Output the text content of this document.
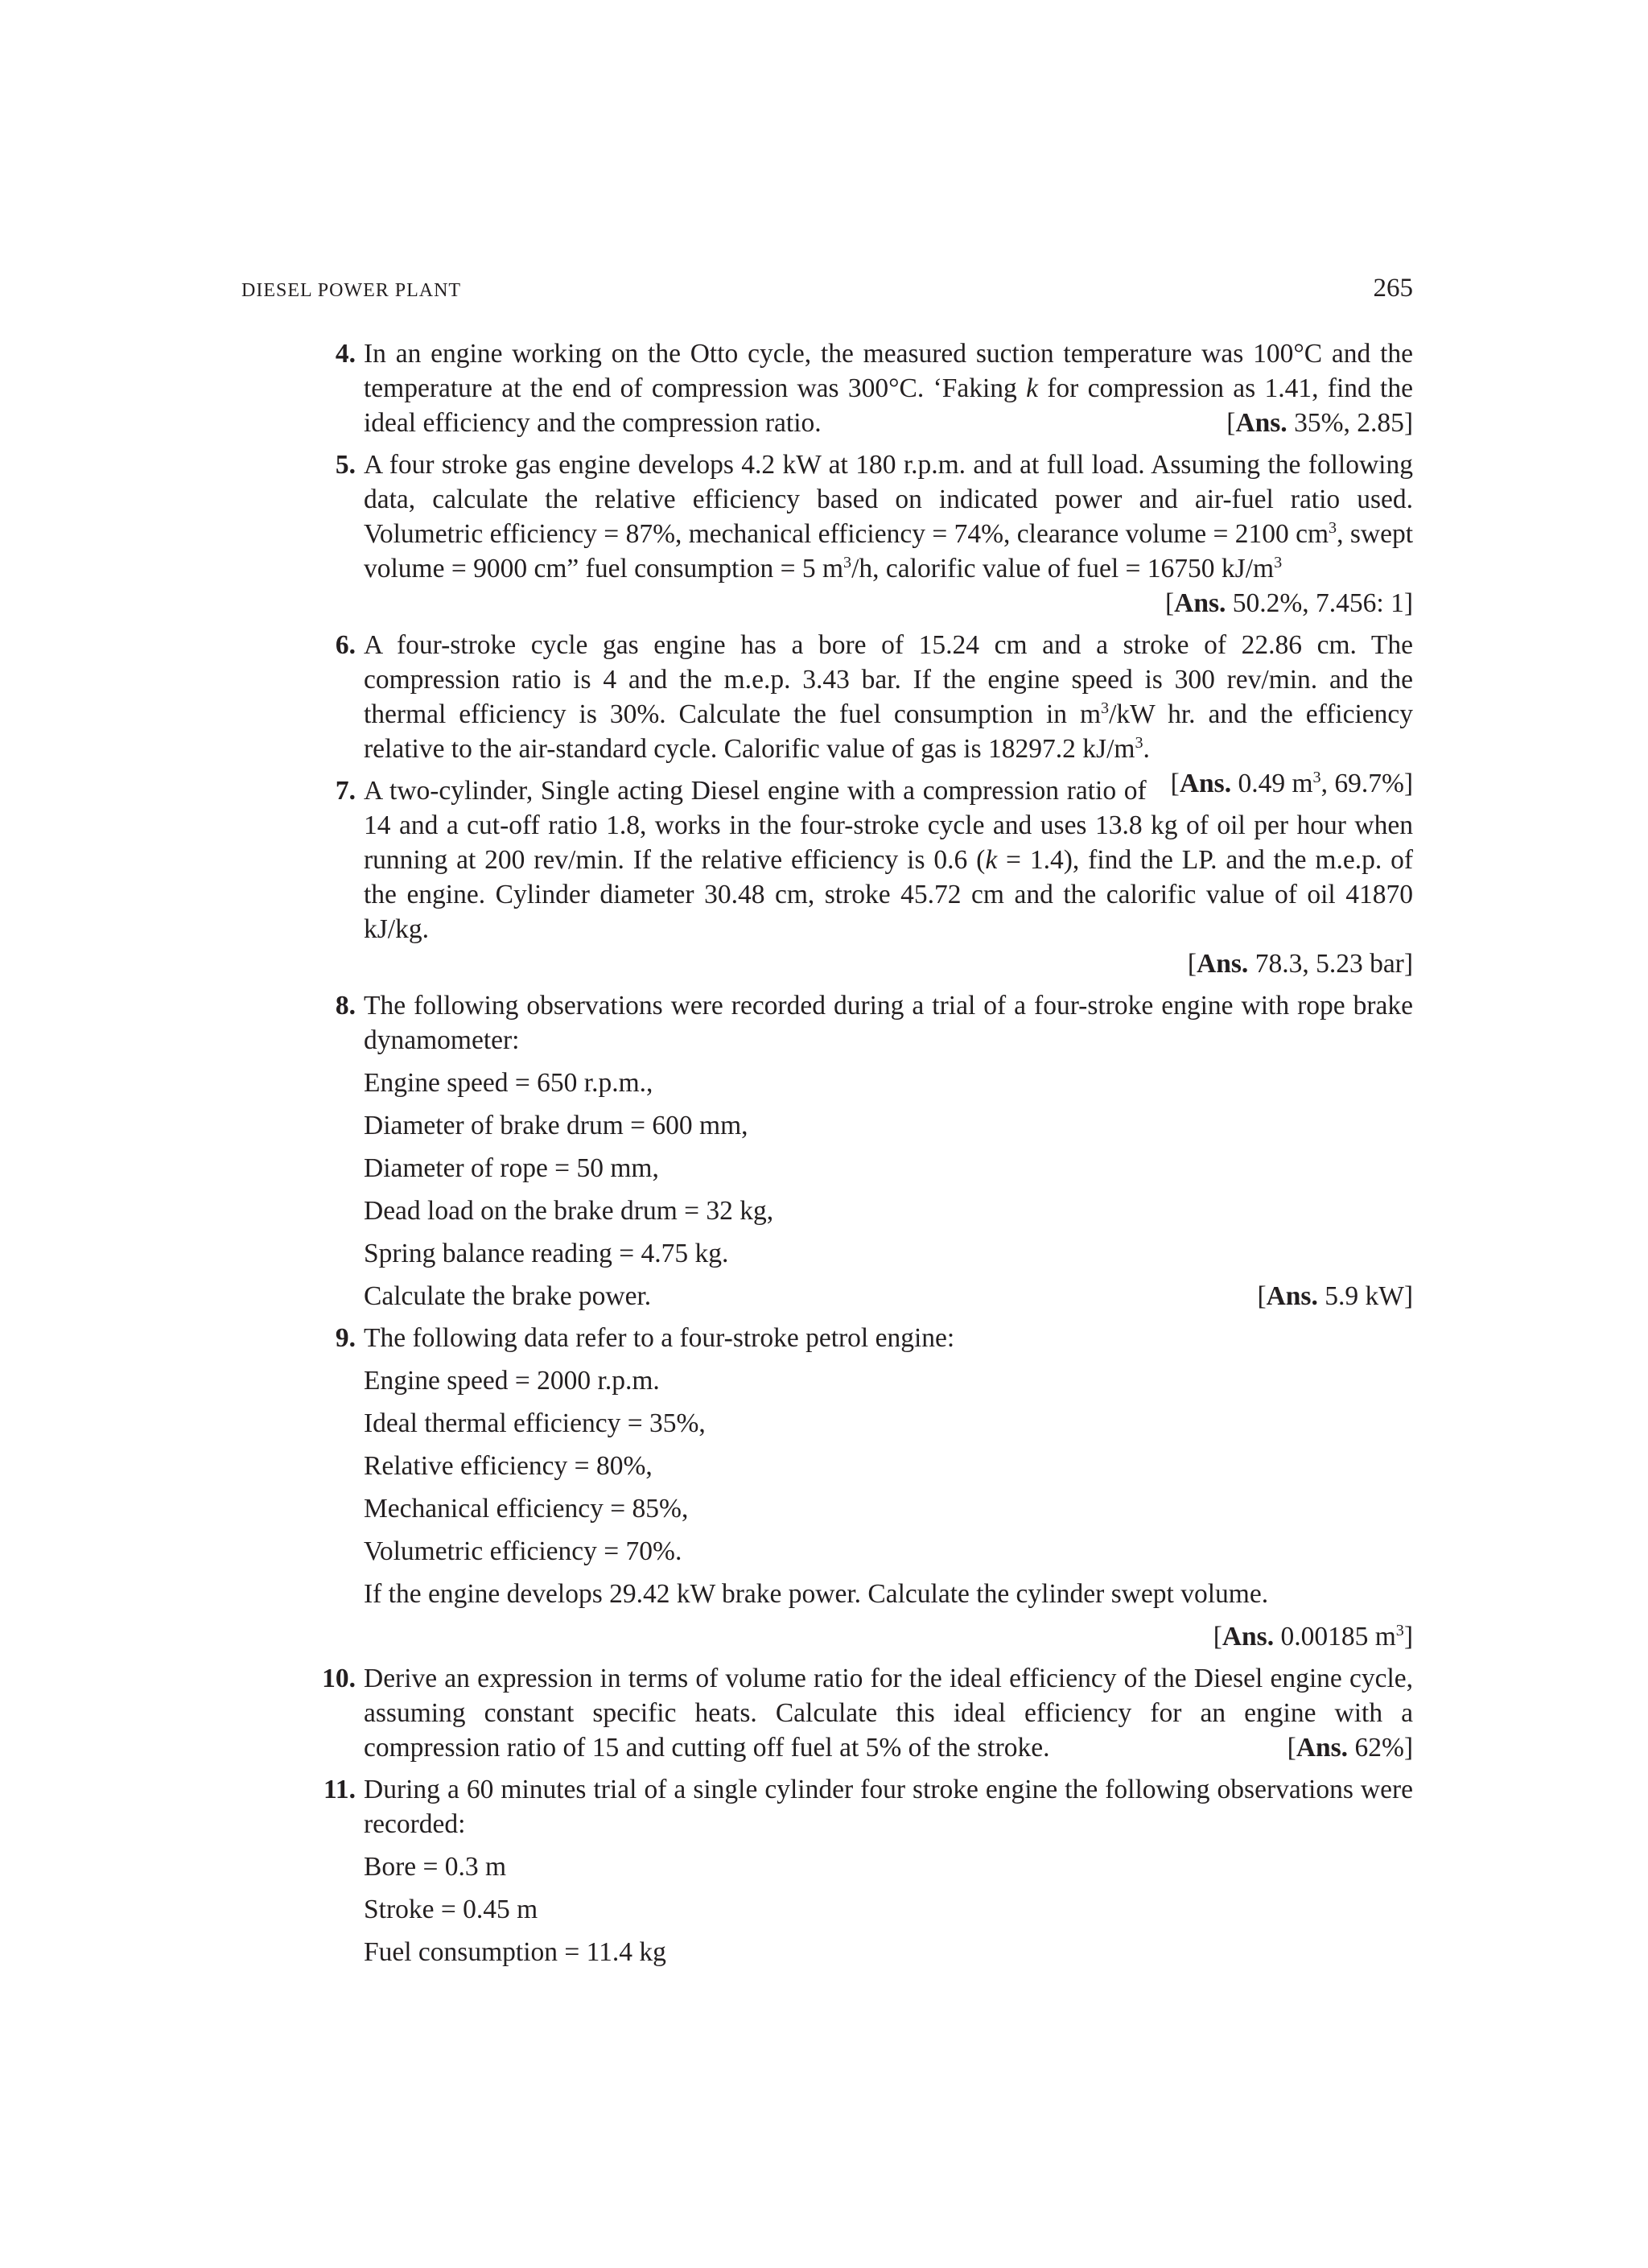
DIESEL POWER PLANT	265
4. In an engine working on the Otto cycle, the measured suction temperature was 100°C and the temperature at the end of compression was 300°C. ‘Faking k for compression as 1.41, find the ideal efficiency and the compression ratio.	[Ans. 35%, 2.85]

5. A four stroke gas engine develops 4.2 kW at 180 r.p.m. and at full load. Assuming the following data, calculate the relative efficiency based on indicated power and air-fuel ratio used. Volumetric efficiency = 87%, mechanical efficiency = 74%, clearance volume = 2100 $cm^3$, swept volume = 9000 cm” fuel consumption = 5 $m^3/h$, calorific value of fuel = 16750 $kJ/m^3$

[Ans. 50.2%, 7.456: 1]
6. A four-stroke cycle gas engine has a bore of 15.24 cm and a stroke of 22.86 cm. The compression ratio is 4 and the m.e.p. 3.43 bar. If the engine speed is 300 rev/min. and the thermal efficiency is 30%. Calculate the fuel consumption in $m^3/kW$ hr. and the efficiency relative to the air-standard cycle. Calorific value of gas is 18297.2 $kJ/m^3$.
[Ans. 0.49 $m^3$, 69.7%]

7. A two-cylinder, Single acting Diesel engine with a compression ratio of 14 and a cut-off ratio 1.8, works in the four-stroke cycle and uses 13.8 kg of oil per hour when running at 200 rev/min. If the relative efficiency is 0.6 (k = 1.4), find the LP. and the m.e.p. of the engine. Cylinder diameter 30.48 cm, stroke 45.72 cm and the calorific value of oil 41870 kJ/kg.

[Ans. 78.3, 5.23 bar]
8. The following observations were recorded during a trial of a four-stroke engine with rope brake dynamometer:

Engine speed = 650 r.p.m.,
Diameter of brake drum = 600 mm,
Diameter of rope = 50 mm,
Dead load on the brake drum = 32 kg,
Spring balance reading = 4.75 kg.

Calculate the brake power.	[Ans. 5.9 kW]

9. The following data refer to a four-stroke petrol engine:

Engine speed = 2000 r.p.m.
Ideal thermal efficiency = 35%,
Relative efficiency = 80%,
Mechanical efficiency = 85%,
Volumetric efficiency = 70%.

If the engine develops 29.42 kW brake power. Calculate the cylinder swept volume.

[Ans. 0.00185 $m^3$]
10. Derive an expression in terms of volume ratio for the ideal efficiency of the Diesel engine cycle, assuming constant specific heats. Calculate this ideal efficiency for an engine with a compression ratio of 15 and cutting off fuel at 5% of the stroke.	[Ans. 62%]

11. During a 60 minutes trial of a single cylinder four stroke engine the following observations were recorded:

Bore = 0.3 m
Stroke = 0.45 m
Fuel consumption = 11.4 kg
